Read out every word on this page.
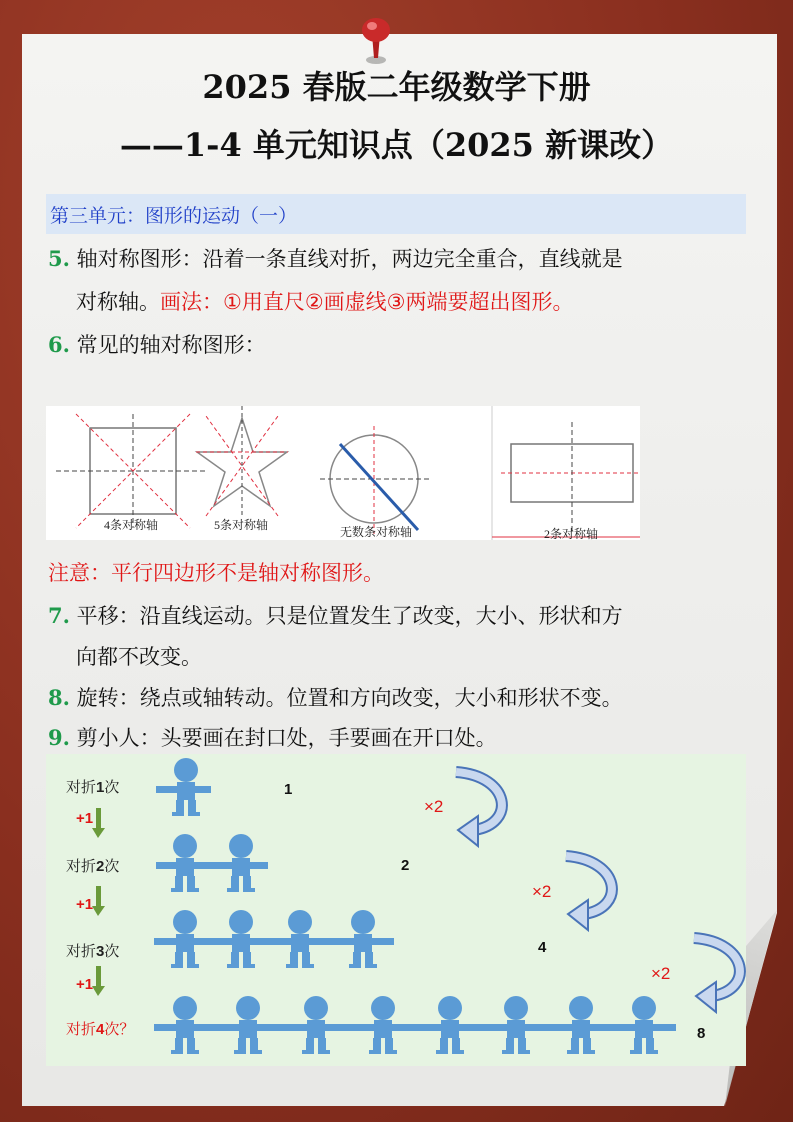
2025 春版二年级数学下册
——1-4 单元知识点（2025 新课改）
第三单元：图形的运动（一）
5. 轴对称图形：沿着一条直线对折，两边完全重合，直线就是
对称轴。画法：①用直尺②画虚线③两端要超出图形。
6. 常见的轴对称图形：
4条对称轴	5条对称轴	无数条对称轴	2条对称轴
注意：平行四边形不是轴对称图形。
7. 平移：沿直线运动。只是位置发生了改变，大小、形状和方
向都不改变。
8. 旋转：绕点或轴转动。位置和方向改变，大小和形状不变。
9. 剪小人：头要画在封口处，手要画在开口处。
对折1次
对折2次
对折3次
对折4次？
+1
+1
+1
1
2
4
8
×2
×2
×2
